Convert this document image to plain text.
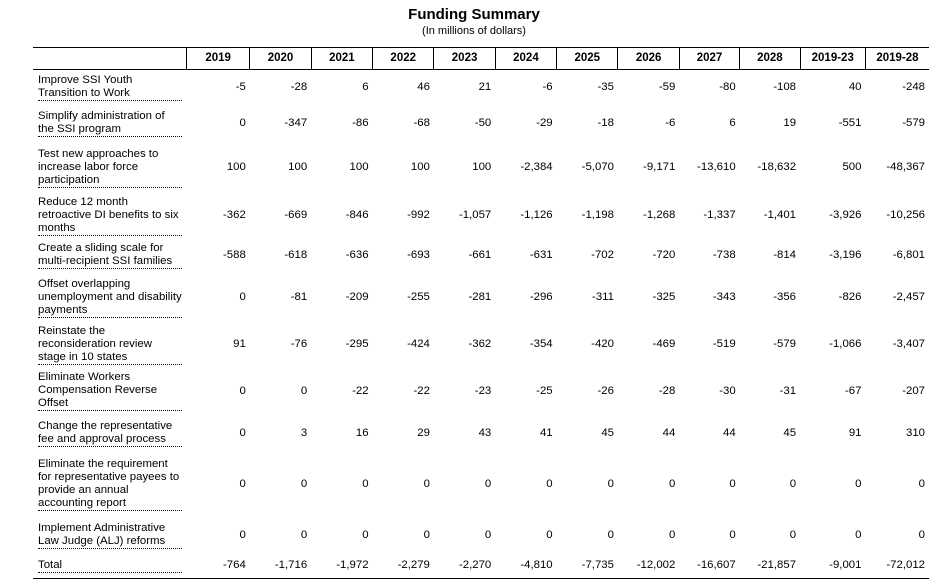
Funding Summary
(In millions of dollars)
	2019	2020	2021	2022	2023	2024	2025	2026	2027	2028	2019-23	2019-28

Improve SSI Youth Transition to Work	-5	-28	6	46	21	-6	-35	-59	-80	-108	40	-248

Simplify administration of the SSI program	0	-347	-86	-68	-50	-29	-18	-6	6	19	-551	-579

Test new approaches to increase labor force participation	100	100	100	100	100	-2,384	-5,070	-9,171	-13,610	-18,632	500	-48,367

Reduce 12 month retroactive DI benefits to six months	-362	-669	-846	-992	-1,057	-1,126	-1,198	-1,268	-1,337	-1,401	-3,926	-10,256

Create a sliding scale for multi-recipient SSI families	-588	-618	-636	-693	-661	-631	-702	-720	-738	-814	-3,196	-6,801

Offset overlapping unemployment and disability payments	0	-81	-209	-255	-281	-296	-311	-325	-343	-356	-826	-2,457

Reinstate the reconsideration review stage in 10 states	91	-76	-295	-424	-362	-354	-420	-469	-519	-579	-1,066	-3,407

Eliminate Workers Compensation Reverse Offset	0	0	-22	-22	-23	-25	-26	-28	-30	-31	-67	-207

Change the representative fee and approval process	0	3	16	29	43	41	45	44	44	45	91	310

Eliminate the requirement for representative payees to provide an annual accounting report	0	0	0	0	0	0	0	0	0	0	0	0

Implement Administrative Law Judge (ALJ) reforms	0	0	0	0	0	0	0	0	0	0	0	0

Total	-764	-1,716	-1,972	-2,279	-2,270	-4,810	-7,735	-12,002	-16,607	-21,857	-9,001	-72,012
